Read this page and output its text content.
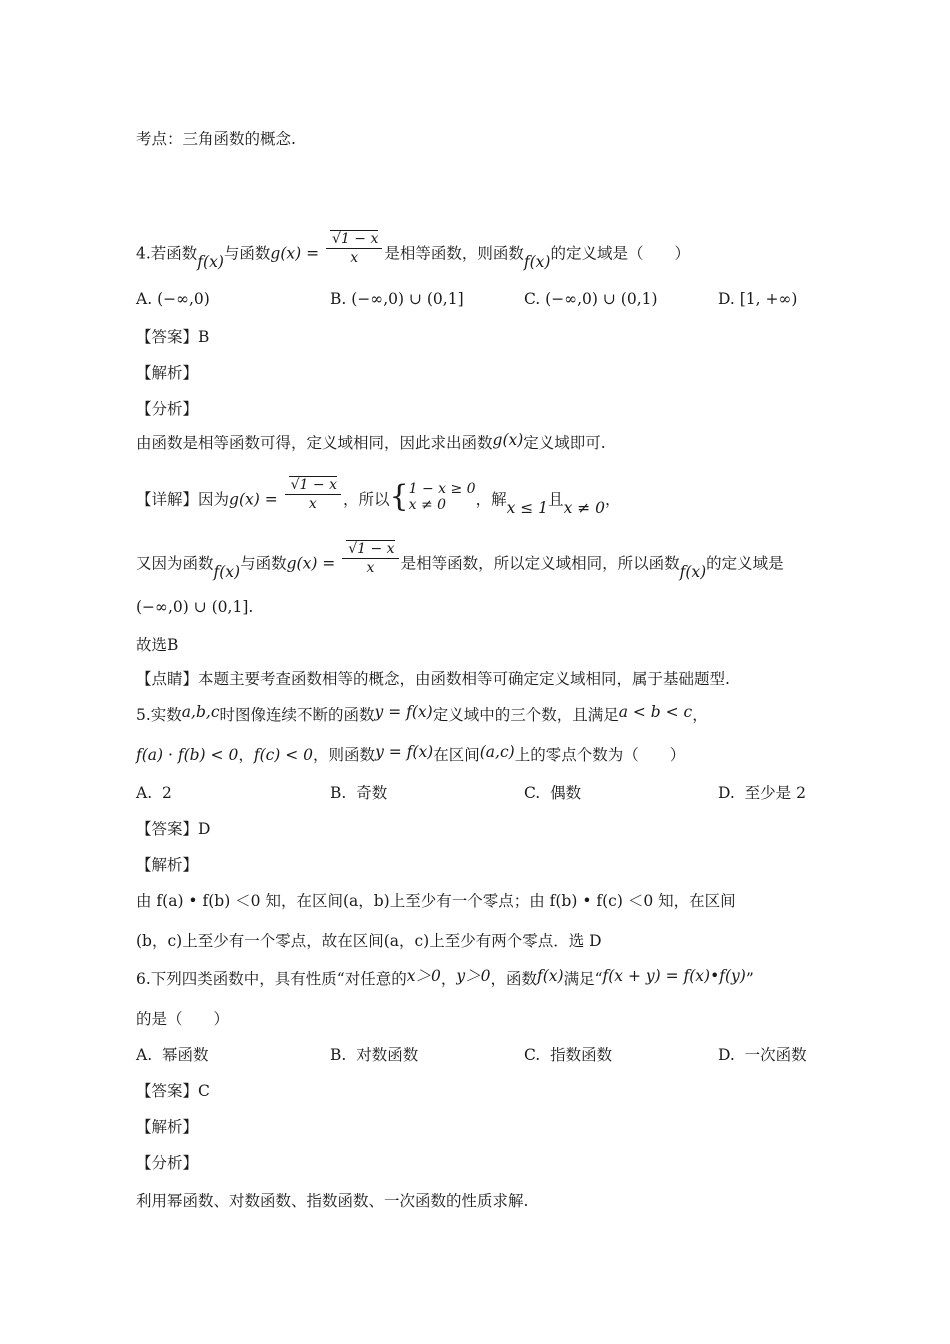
考点：三角函数的概念.
4.若函数f(x)与函数$g(x) = \frac{√1 - x}{x}$ 是相等函数，则函数f(x)的定义域是（　　）
A. (−∞,0)	B. (−∞,0) ∪ (0,1]	C. (−∞,0) ∪ (0,1)	D. [1, +∞)
【答案】B
【解析】
【分析】
由函数是相等函数可得，定义域相同，因此求出函数g(x)定义域即可.
【详解】因为$g(x) = \frac{√1 - x}{x}$ ，所以{ 1 − x ≥ 0
x ≠ 0	，解x ≤ 1且x ≠ 0，
又因为函数f(x)与函数$g(x) = \frac{√1 - x}{x}$ 是相等函数，所以定义域相同，所以函数f(x)的定义域是
(−∞,0) ∪ (0,1].
故选B
【点睛】本题主要考查函数相等的概念，由函数相等可确定定义域相同，属于基础题型.
5.实数a,b,c时图像连续不断的函数y = f(x)定义域中的三个数，且满足a < b < c，
f(a) · f(b) < 0，f(c) < 0，则函数y = f(x)在区间(a,c)上的零点个数为（　　）
A. 2	B. 奇数	C. 偶数	D. 至少是 2
【答案】D
【解析】
由 f(a) • f(b) ＜0 知，在区间(a，b)上至少有一个零点；由 f(b) • f(c) ＜0 知，在区间
(b，c)上至少有一个零点，故在区间(a，c)上至少有两个零点．选 D
6.下列四类函数中，具有性质“对任意的x＞0，y＞0，函数f(x)满足“f(x + y) = f(x)•f(y)”
的是（　　）
A. 幂函数	B. 对数函数	C. 指数函数	D. 一次函数
【答案】C
【解析】
【分析】
利用幂函数、对数函数、指数函数、一次函数的性质求解.
